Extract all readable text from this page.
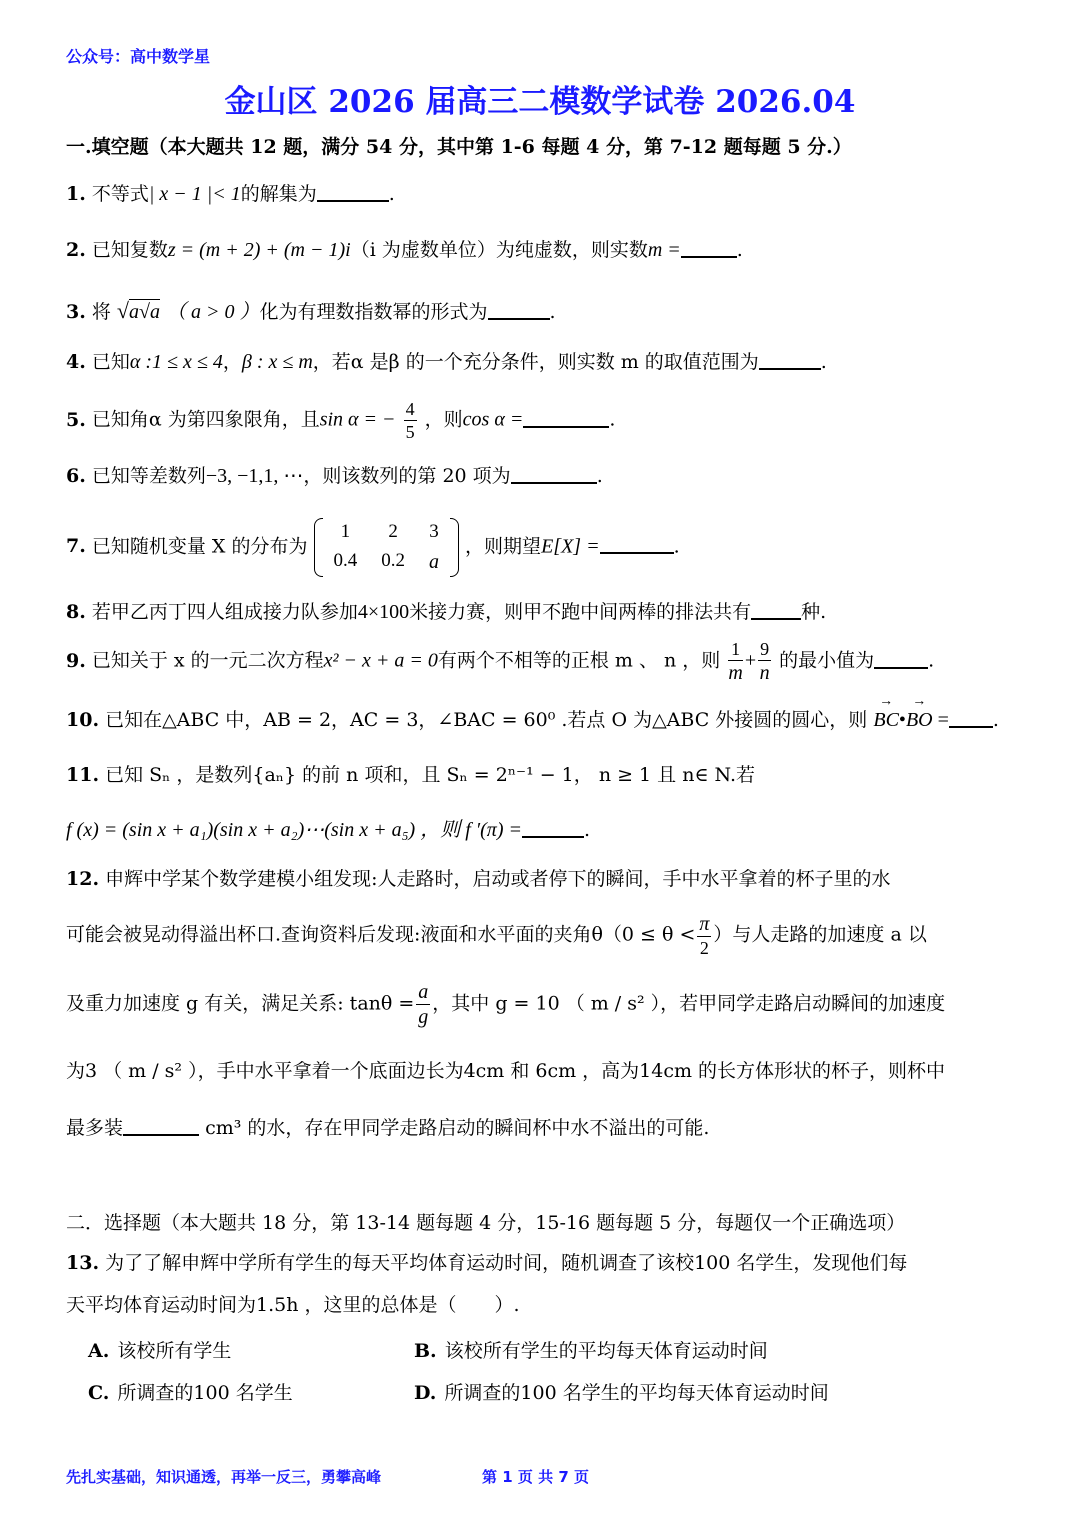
公众号：高中数学星
金山区 2026 届高三二模数学试卷 2026.04
一.填空题（本大题共 12 题，满分 54 分，其中第 1-6 每题 4 分，第 7-12 题每题 5 分.）
1. 不等式| x − 1 |< 1的解集为	.
2. 已知复数z = (m + 2) + (m − 1)i（i 为虚数单位）为纯虚数，则实数m =	.
3. 将 √a√a （ a > 0 ）化为有理数指数幂的形式为	.
4. 已知α :1 ≤ x ≤ 4，β : x ≤ m，若α 是β 的一个充分条件，则实数 m 的取值范围为	.
5. 已知角α 为第四象限角，且sin α = − $\frac{4}{5}$ ，则cos α =	.
6. 已知等差数列−3, −1,1, ⋯，则该数列的第 20 项为	.
7. 已知随机变量 X 的分布为
1	2	3
0.4	0.2	a
，则期望E[X] =	.
8. 若甲乙丙丁四人组成接力队参加4×100米接力赛，则甲不跑中间两棒的排法共有	种.
9. 已知关于 x 的一元二次方程x² − x + a = 0有两个不相等的正根 m 、 n ，则 $\frac{1}{m} + \frac{9}{n}$ 的最小值为	.
10. 已知在△ABC 中，AB = 2，AC = 3，∠BAC = 60⁰ .若点 O 为△ABC 外接圆的圆心，则 → BC•→ BO = .
11. 已知 Sₙ ，是数列{aₙ} 的前 n 项和，且 Sₙ = 2ⁿ⁻¹ − 1， n ≥ 1 且 n∈ N.若
f (x) = (sin x + a₁)(sin x + a₂)⋯(sin x + a₅) ，则 f ′(π) =	.
12. 申辉中学某个数学建模小组发现:人走路时，启动或者停下的瞬间，手中水平拿着的杯子里的水
可能会被晃动得溢出杯口.查询资料后发现:液面和水平面的夹角$\theta(0 \le \theta < \frac{\pi}{2}$ ）与人走路的加速度 a 以
及重力加速度 g 有关，满足关系: $\tan\theta = \frac{a}{g}$ ，其中 g = 10 （ m / s² ），若甲同学走路启动瞬间的加速度
为3 （ m / s² ），手中水平拿着一个底面边长为4cm 和 6cm ，高为14cm 的长方体形状的杯子，则杯中
最多装	cm³ 的水，存在甲同学走路启动的瞬间杯中水不溢出的可能.
二．选择题（本大题共 18 分，第 13-14 题每题 4 分，15-16 题每题 5 分，每题仅一个正确选项）
13. 为了了解申辉中学所有学生的每天平均体育运动时间，随机调查了该校100 名学生，发现他们每
天平均体育运动时间为1.5h ，这里的总体是（　　）.
A. 该校所有学生	B. 该校所有学生的平均每天体育运动时间
C. 所调查的100 名学生	D. 所调查的100 名学生的平均每天体育运动时间
先扎实基础，知识通透，再举一反三，勇攀高峰	第 1 页 共 7 页
